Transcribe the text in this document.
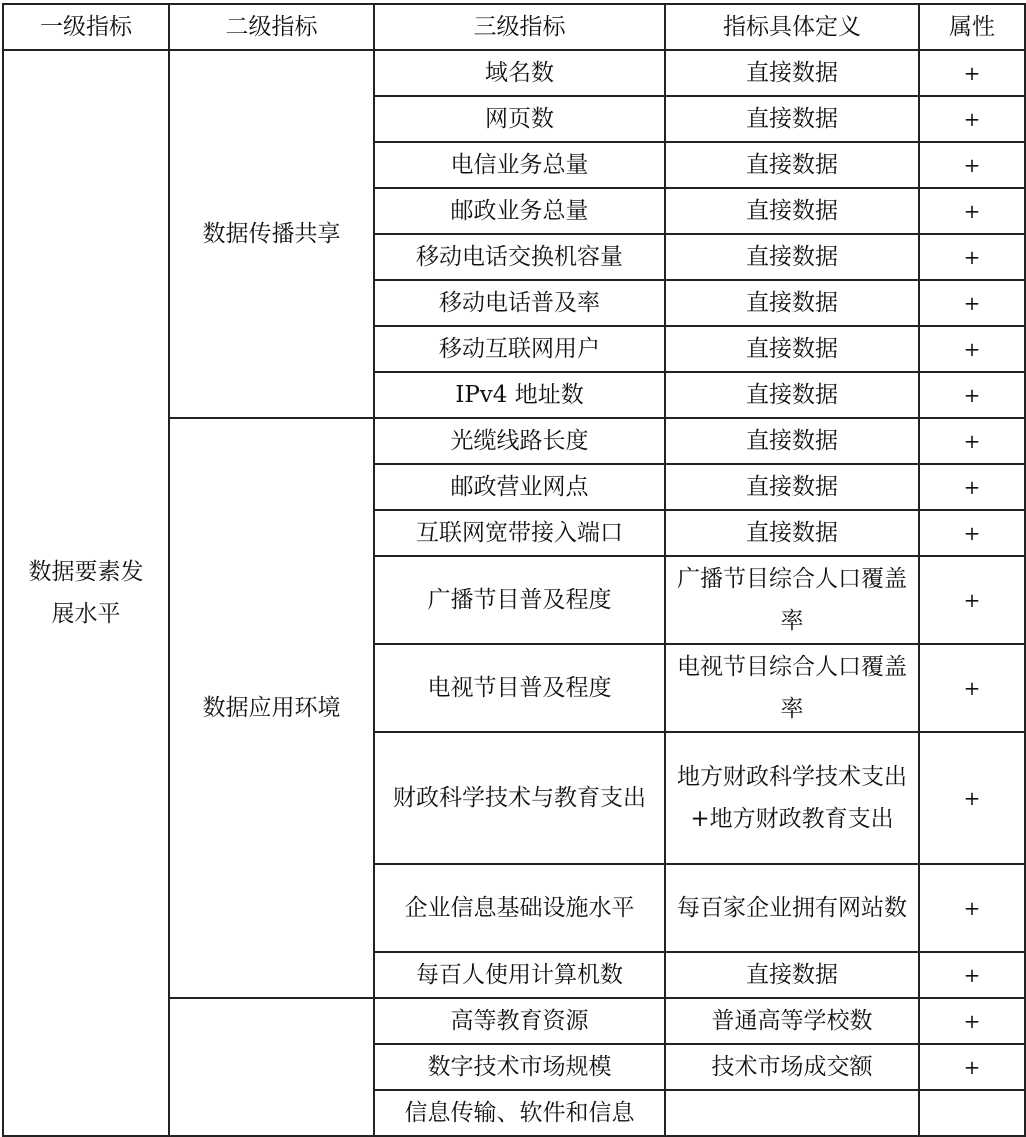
一级指标	二级指标	三级指标	指标具体定义	属性
数据要素发展水平	数据传播共享	域名数	直接数据	+
		网页数	直接数据	+
		电信业务总量	直接数据	+
		邮政业务总量	直接数据	+
		移动电话交换机容量	直接数据	+
		移动电话普及率	直接数据	+
		移动互联网用户	直接数据	+
		IPv4 地址数	直接数据	+
	数据应用环境	光缆线路长度	直接数据	+
		邮政营业网点	直接数据	+
		互联网宽带接入端口	直接数据	+
		广播节目普及程度	广播节目综合人口覆盖率	+
		电视节目普及程度	电视节目综合人口覆盖率	+
		财政科学技术与教育支出	地方财政科学技术支出+地方财政教育支出	+
		企业信息基础设施水平	每百家企业拥有网站数	+
		每百人使用计算机数	直接数据	+
		高等教育资源	普通高等学校数	+
		数字技术市场规模	技术市场成交额	+
		信息传输、软件和信息		
